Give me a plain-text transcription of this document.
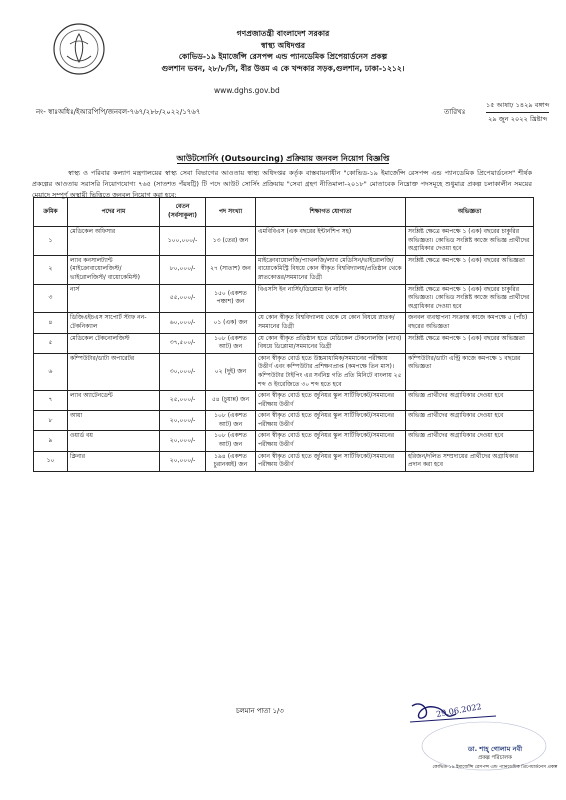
গণপ্রজাতন্ত্রী বাংলাদেশ সরকার
স্বাস্থ্য অধিদপ্তর
কোভিড-১৯ ইমার্জেন্সি রেসপন্স এন্ড প্যানডেমিক প্রিপেয়ার্ডনেস প্রকল্প
গুলশান ভবন, ২৮/৮/সি, বীর উত্তম এ কে খন্দকার সড়ক,গুলশান, ঢাকা-১২১২।
www.dghs.gov.bd
নং- স্বাঃঅধিঃ/ইআরপিপি/জনবল-৭৬৭/২৮৮/২০২২/১৭৬৭	তারিখঃ
১৫ আষাঢ় ১৪২৯ বঙ্গাব্দ
২৯ জুন ২০২২ খ্রিষ্টাব্দ
আউটসোর্সিং (Outsourcing) প্রক্রিয়ায় জনবল নিয়োগ বিজ্ঞপ্তি
স্বাস্থ্য ও পরিবার কল্যাণ মন্ত্রণালয়ের স্বাস্থ্য সেবা বিভাগের আওতায় স্বাস্থ্য অধিদপ্তর কর্তৃক বাস্তবায়নাধীন "কোভিড-১৯ ইমার্জেন্সি রেসপন্স এন্ড প্যানডেমিক প্রিপেয়ার্ডনেস" শীর্ষক প্রকল্পের আওতায় সরাসরি নিয়োগযোগ্য ৭৬৫ (সাতশত পঁয়ষট্টি) টি পদে আউট সোর্সিং প্রক্রিয়ায় "সেবা গ্রহণ নীতিমালা-২০১৮" মোতাবেক নিম্নোক্ত পদসমূহে শুধুমাত্র প্রকল্প চলাকালীন সময়ের মেয়াদে সম্পূর্ণ অস্থায়ী ভিত্তিতে জনবল নিয়োগ করা হবে:
ক্রমিক	পদের নাম	বেতন (সর্বসাকুল্য)	পদ সংখ্যা	শিক্ষাগত যোগ্যতা	অভিজ্ঞতা
১	মেডিকেল অফিসার	১০০,০০০/-	১৩ (তের) জন	এমবিবিএস (এক বছরের ইন্টার্নশিপ সহ)	সংশ্লিষ্ট ক্ষেত্রে কমপক্ষে ১ (এক) বছরের চাকুরির অভিজ্ঞতা। কোভিড সংশ্লিষ্ট কাজে অভিজ্ঞ প্রার্থীদের অগ্রাধিকার দেওয়া হবে
২	ল্যাব কনসালট্যান্ট (মাইক্রোবায়োলজিস্ট/ ভাইরোলজিস্ট/ বায়োকেমিস্ট)	৮০,০০০/-	২৭ (সাতাশ) জন	মাইক্রোবায়োলজি/প্যাথলজি/ল্যাব মেডিসিন/ভাইরোলজি/বায়োকেমিস্ট্রি বিষয়ে কোন স্বীকৃত বিশ্ববিদ্যালয়/প্রতিষ্ঠান থেকে স্নাতকোত্তর/সমমানের ডিগ্রী	সংশ্লিষ্ট ক্ষেত্রে কমপক্ষে ১ (এক) বছরের অভিজ্ঞতা
৩	নার্স	৫৫,০০০/-	১৫০ (একশত পঞ্চাশ) জন	বিএসসি ইন নার্সিং/ডিপ্লোমা ইন নার্সিং	সংশ্লিষ্ট ক্ষেত্রে কমপক্ষে ১ (এক) বছরের চাকুরির অভিজ্ঞতা। কোভিড সংশ্লিষ্ট কাজে অভিজ্ঞ প্রার্থীদের অগ্রাধিকার দেওয়া হবে
৪	ডিজিএইচএস সাপোর্ট স্টাফ নন-টেকনিক্যাল	৬০,০০০/-	০১ (এক) জন	যে কোন স্বীকৃত বিশ্ববিদ্যালয় থেকে যে কোন বিষয়ে স্নাতক/সমমানের ডিগ্রী	জনবল ব্যবস্থাপনা সংক্রান্ত কাজে কমপক্ষে ৫ (পাঁচ) বছরের অভিজ্ঞতা
৫	মেডিকেল টেকনোলজিস্ট	৩৭,৫০০/-	১০৮ (একশত আট) জন	যে কোন স্বীকৃত প্রতিষ্ঠান হতে মেডিকেল টেকনোলজি (ল্যাব) বিষয়ে ডিপ্লোমা/সমমানের ডিগ্রী	সংশ্লিষ্ট ক্ষেত্রে কমপক্ষে ১ (এক) বছরের অভিজ্ঞতা
৬	কম্পিউটার/ডাটা অপারেটর	৩০,০০০/-	০২ (দুই) জন	কোন স্বীকৃত বোর্ড হতে উচ্চমাধ্যমিক/সমমানের পরীক্ষায় উত্তীর্ণ এবং কম্পিউটার প্রশিক্ষণপ্রাপ্ত (কমপক্ষে তিন মাস)। কম্পিউটার টাইপিং এর সর্বনিম্ন গতি প্রতি মিনিটে বাংলায় ২৫ শব্দ ও ইংরেজিতে ৩০ শব্দ হতে হবে	কম্পিউটার/ডাটা এন্ট্রি কাজে কমপক্ষে ১ বছরের অভিজ্ঞতা
৭	ল্যাব অ্যাটেনডেন্ট	২৫,০০০/-	৫৪ (চুয়ান্ন) জন	কোন স্বীকৃত বোর্ড হতে জুনিয়র স্কুল সার্টিফিকেট/সমমানের পরীক্ষায় উত্তীর্ণ	অভিজ্ঞ প্রার্থীদের অগ্রাধিকার দেওয়া হবে
৮	আয়া	২০,০০০/-	১০৮ (একশত আট) জন	কোন স্বীকৃত বোর্ড হতে জুনিয়র স্কুল সার্টিফিকেট/সমমানের পরীক্ষায় উত্তীর্ণ	অভিজ্ঞ প্রার্থীদের অগ্রাধিকার দেওয়া হবে
৯	ওয়ার্ড বয়	২০,০০০/-	১০৮ (একশত আট) জন	কোন স্বীকৃত বোর্ড হতে জুনিয়র স্কুল সার্টিফিকেট/সমমানের পরীক্ষায় উত্তীর্ণ	অভিজ্ঞ প্রার্থীদের অগ্রাধিকার দেওয়া হবে
১০	ক্লিনার	২০,০০০/-	১৯৪ (একশত চুরানব্বই) জন	কোন স্বীকৃত বোর্ড হতে জুনিয়র স্কুল সার্টিফিকেট/সমমানের পরীক্ষায় উত্তীর্ণ	হরিজন/দলিত সম্প্রদায়ের প্রার্থীদের অগ্রাধিকার প্রদান করা হবে
চলমান পাতা ১/৩	29.06.2022
ডা. শাহ্ গোলাম নবী
প্রকল্প পরিচালক
কোভিড-১৯ ইমার্জেন্সি রেসপন্স এন্ড প্যানডেমিক প্রিপেয়ার্ডনেস প্রকল্প
